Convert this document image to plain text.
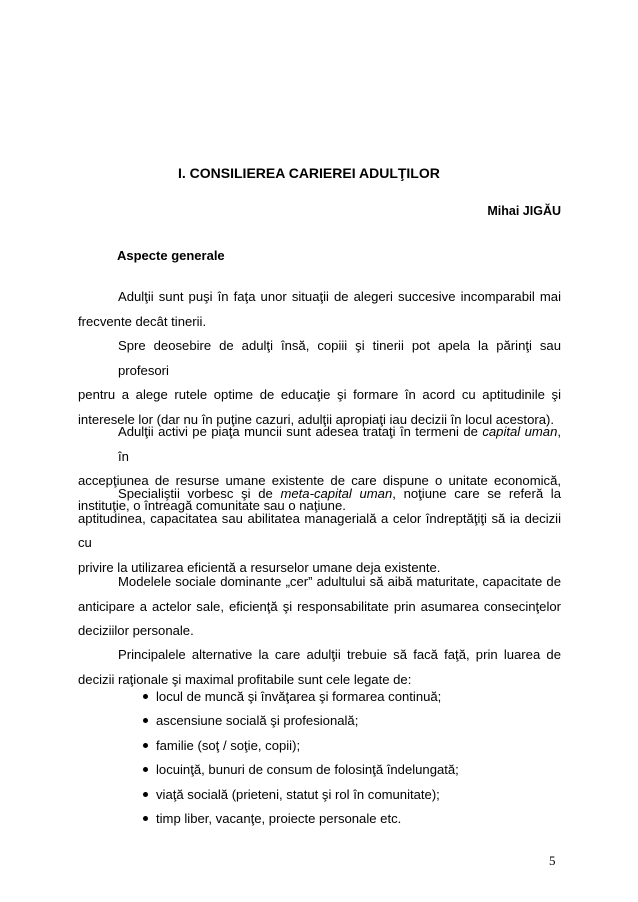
I. CONSILIEREA CARIEREI ADULŢILOR
Mihai JIGĂU
Aspecte generale
Adulţii sunt puşi în faţa unor situaţii de alegeri succesive incomparabil mai
frecvente decât tinerii.
Spre deosebire de adulţi însă, copiii şi tinerii pot apela la părinţi sau profesori
pentru a alege rutele optime de educaţie şi formare în acord cu aptitudinile şi
interesele lor (dar nu în puţine cazuri, adulţii apropiaţi iau decizii în locul acestora).
Adulţii activi pe piaţa muncii sunt adesea trataţi în termeni de capital uman, în
accepţiunea de resurse umane existente de care dispune o unitate economică,
instituţie, o întreagă comunitate sau o naţiune.
Specialiştii vorbesc şi de meta-capital uman, noţiune care se referă la
aptitudinea, capacitatea sau abilitatea managerială a celor îndreptăţiţi să ia decizii cu
privire la utilizarea eficientă a resurselor umane deja existente.
Modelele sociale dominante „cer” adultului să aibă maturitate, capacitate de
anticipare a actelor sale, eficienţă şi responsabilitate prin asumarea consecinţelor
deciziilor personale.
Principalele alternative la care adulţii trebuie să facă faţă, prin luarea de
decizii raţionale şi maximal profitabile sunt cele legate de:
locul de muncă şi învăţarea şi formarea continuă;
ascensiune socială şi profesională;
familie (soţ / soţie, copii);
locuinţă, bunuri de consum de folosinţă îndelungată;
viaţă socială (prieteni, statut şi rol în comunitate);
timp liber, vacanţe, proiecte personale etc.
5
